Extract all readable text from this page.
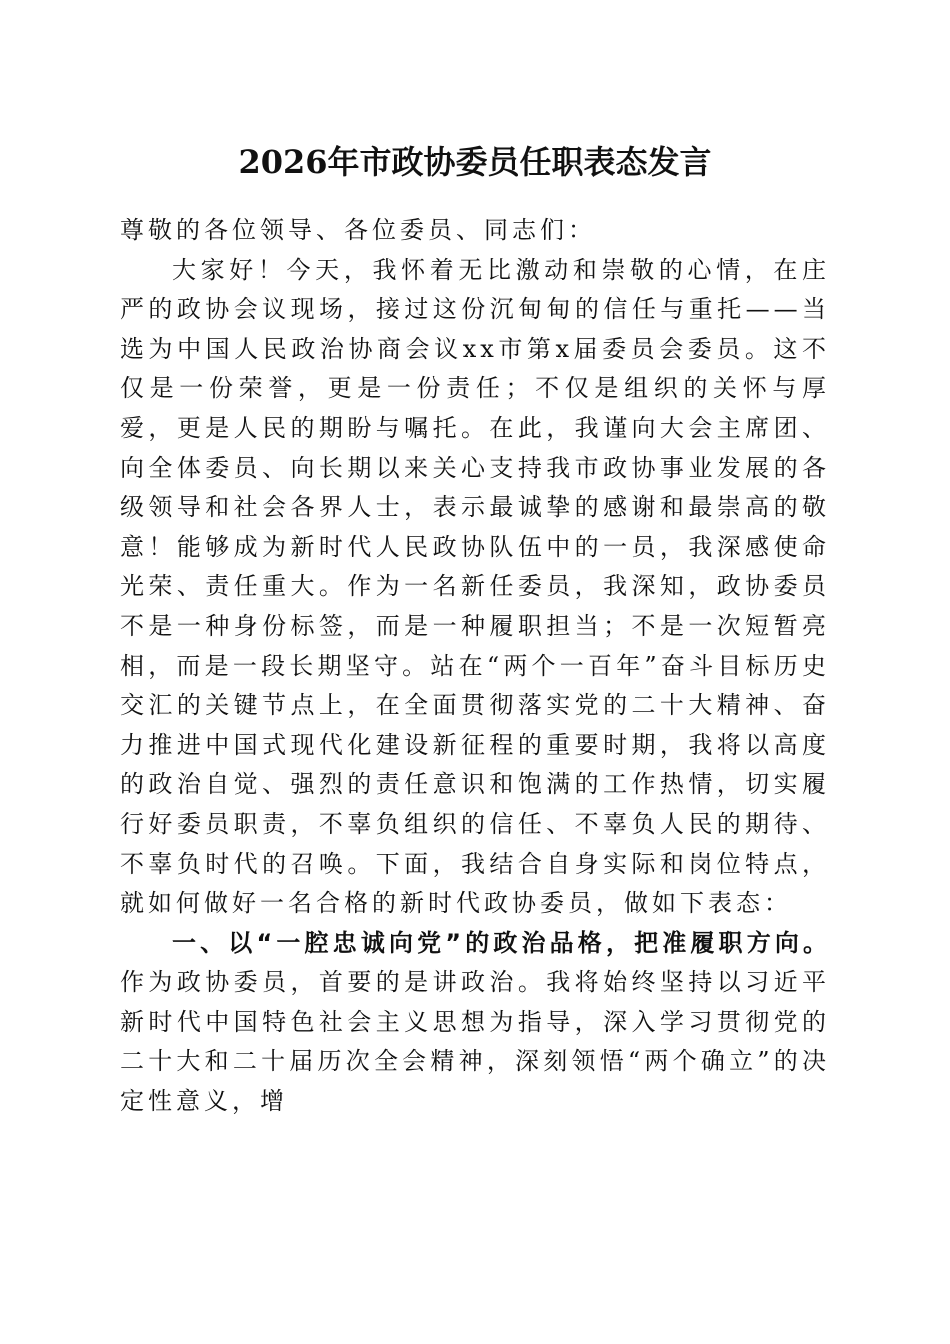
2026年市政协委员任职表态发言

尊敬的各位领导、各位委员、同志们：

大家好！今天，我怀着无比激动和崇敬的心情，在庄严的政协会议现场，接过这份沉甸甸的信任与重托——当选为中国人民政治协商会议xx市第x届委员会委员。这不仅是一份荣誉，更是一份责任；不仅是组织的关怀与厚爱，更是人民的期盼与嘱托。在此，我谨向大会主席团、向全体委员、向长期以来关心支持我市政协事业发展的各级领导和社会各界人士，表示最诚挚的感谢和最崇高的敬意！能够成为新时代人民政协队伍中的一员，我深感使命光荣、责任重大。作为一名新任委员，我深知，政协委员不是一种身份标签，而是一种履职担当；不是一次短暂亮相，而是一段长期坚守。站在“两个一百年”奋斗目标历史交汇的关键节点上，在全面贯彻落实党的二十大精神、奋力推进中国式现代化建设新征程的重要时期，我将以高度的政治自觉、强烈的责任意识和饱满的工作热情，切实履行好委员职责，不辜负组织的信任、不辜负人民的期待、不辜负时代的召唤。下面，我结合自身实际和岗位特点，就如何做好一名合格的新时代政协委员，做如下表态：

一、以“一腔忠诚向党”的政治品格，把准履职方向。作为政协委员，首要的是讲政治。我将始终坚持以习近平新时代中国特色社会主义思想为指导，深入学习贯彻党的二十大和二十届历次全会精神，深刻领悟“两个确立”的决定性意义，增
